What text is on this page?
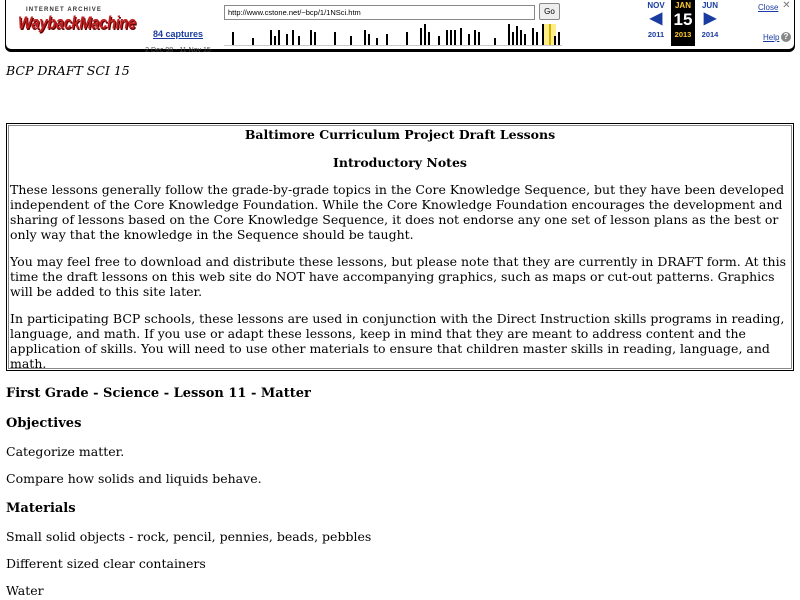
INTERNET ARCHIVE
WaybackMachine
84 captures
2 Dec 98 - 11 Nov 15
http://www.cstone.net/~bcp/1/1NSci.htm	Go
NOV
◀
2011
JAN
15
2013
JUN
▶
2014
Close ✕
Help ?
BCP DRAFT SCI 15
Baltimore Curriculum Project Draft Lessons
Introductory Notes

These lessons generally follow the grade-by-grade topics in the Core Knowledge Sequence, but they have been developed independent of the Core Knowledge Foundation. While the Core Knowledge Foundation encourages the development and sharing of lessons based on the Core Knowledge Sequence, it does not endorse any one set of lesson plans as the best or only way that the knowledge in the Sequence should be taught.

You may feel free to download and distribute these lessons, but please note that they are currently in DRAFT form. At this time the draft lessons on this web site do NOT have accompanying graphics, such as maps or cut-out patterns. Graphics will be added to this site later.

In participating BCP schools, these lessons are used in conjunction with the Direct Instruction skills programs in reading, language, and math. If you use or adapt these lessons, keep in mind that they are meant to address content and the application of skills. You will need to use other materials to ensure that children master skills in reading, language, and math.

First Grade - Science - Lesson 11 - Matter
Objectives
Categorize matter.
Compare how solids and liquids behave.
Materials
Small solid objects - rock, pencil, pennies, beads, pebbles
Different sized clear containers
Water
